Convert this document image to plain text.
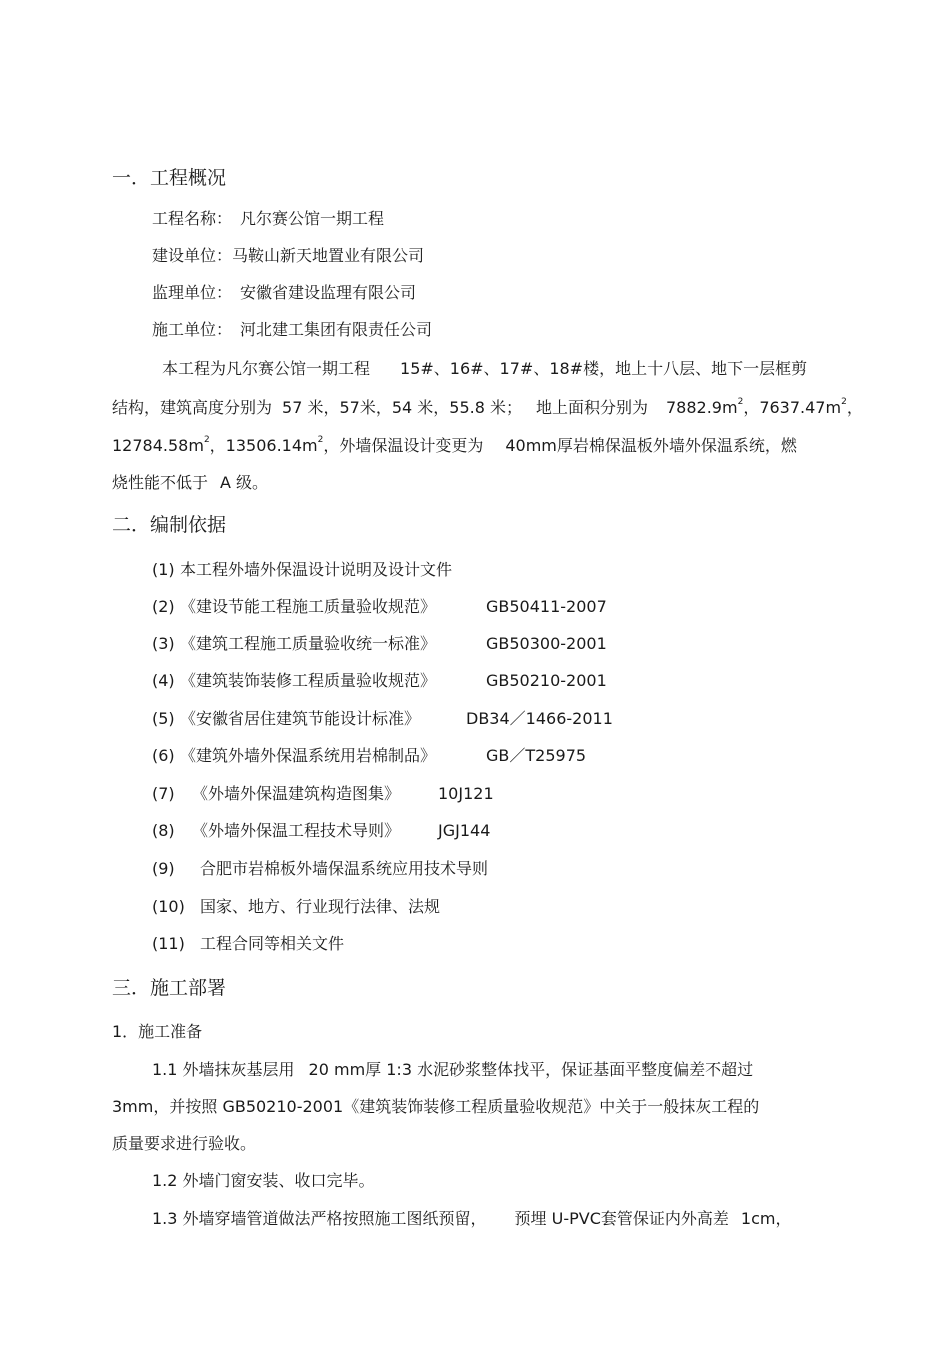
一．工程概况
工程名称： 凡尔赛公馆一期工程
建设单位：马鞍山新天地置业有限公司
监理单位： 安徽省建设监理有限公司
施工单位： 河北建工集团有限责任公司
本工程为凡尔赛公馆一期工程 15#、16#、17#、18#楼，地上十八层、地下一层框剪
结构，建筑高度分别为 57 米，57米，54 米，55.8 米； 地上面积分别为 $7882.9m^2$，$7637.47m^2$，
$12784.58m^2$，$13506.14m^2$，外墙保温设计变更为 40mm厚岩棉保温板外墙外保温系统，燃
烧性能不低于 A 级。
二．编制依据
(1) 本工程外墙外保温设计说明及设计文件
(2) 《建设节能工程施工质量验收规范》	GB50411-2007
(3) 《建筑工程施工质量验收统一标准》	GB50300-2001
(4) 《建筑装饰装修工程质量验收规范》	GB50210-2001
(5) 《安徽省居住建筑节能设计标准》	DB34／1466-2011
(6) 《建筑外墙外保温系统用岩棉制品》	GB／T25975
(7) 《外墙外保温建筑构造图集》 10J121
(8) 《外墙外保温工程技术导则》 JGJ144
(9) 合肥市岩棉板外墙保温系统应用技术导则
(10) 国家、地方、行业现行法律、法规
(11) 工程合同等相关文件
三．施工部署
1．施工准备
1.1 外墙抹灰基层用 20 mm厚 1:3 水泥砂浆整体找平，保证基面平整度偏差不超过
3mm，并按照 GB50210-2001《建筑装饰装修工程质量验收规范》中关于一般抹灰工程的
质量要求进行验收。
1.2 外墙门窗安装、收口完毕。
1.3 外墙穿墙管道做法严格按照施工图纸预留， 预埋 U-PVC套管保证内外高差 1cm，
